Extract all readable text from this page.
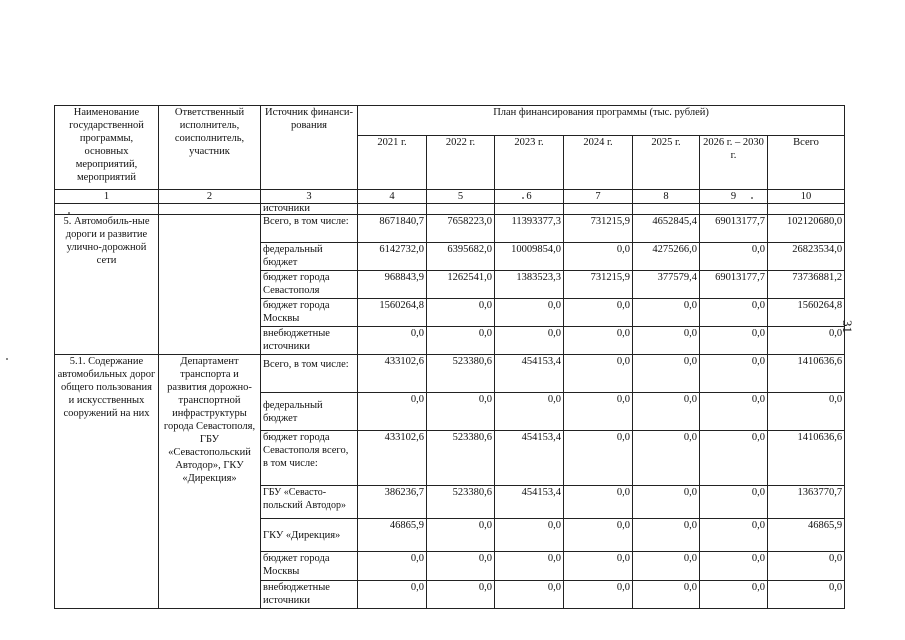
31
Наименование государственной программы, основных мероприятий, мероприятий	Ответственный исполнитель, соисполнитель, участник	Источник финанси-рования	План финансирования программы (тыс. рублей)						
			2021 г.	2022 г.	2023 г.	2024 г.	2025 г.	2026 г. – 2030 г.	Всего
1	2	3	4	5	6	7	8	9	10
		источники							
5. Автомобиль-ные дороги и развитие улично-дорожной сети		Всего, в том числе:	8671840,7	7658223,0	11393377,3	731215,9	4652845,4	69013177,7	102120680,0
		федеральный бюджет	6142732,0	6395682,0	10009854,0	0,0	4275266,0	0,0	26823534,0
		бюджет города Севастополя	968843,9	1262541,0	1383523,3	731215,9	377579,4	69013177,7	73736881,2
		бюджет города Москвы	1560264,8	0,0	0,0	0,0	0,0	0,0	1560264,8
		внебюджетные источники	0,0	0,0	0,0	0,0	0,0	0,0	0,0
5.1. Содержание автомобильных дорог общего пользования и искусственных сооружений на них	Департамент транспорта и развития дорожно-транспортной инфраструктуры города Севастополя, ГБУ «Севастопольский Автодор», ГКУ «Дирекция»	Всего, в том числе:	433102,6	523380,6	454153,4	0,0	0,0	0,0	1410636,6
		федеральный бюджет	0,0	0,0	0,0	0,0	0,0	0,0	0,0
		бюджет города Севастополя всего, в том числе:	433102,6	523380,6	454153,4	0,0	0,0	0,0	1410636,6
		ГБУ «Севасто-польский Автодор»	386236,7	523380,6	454153,4	0,0	0,0	0,0	1363770,7
		ГКУ «Дирекция»	46865,9	0,0	0,0	0,0	0,0	0,0	46865,9
		бюджет города Москвы	0,0	0,0	0,0	0,0	0,0	0,0	0,0
		внебюджетные источники	0,0	0,0	0,0	0,0	0,0	0,0	0,0
